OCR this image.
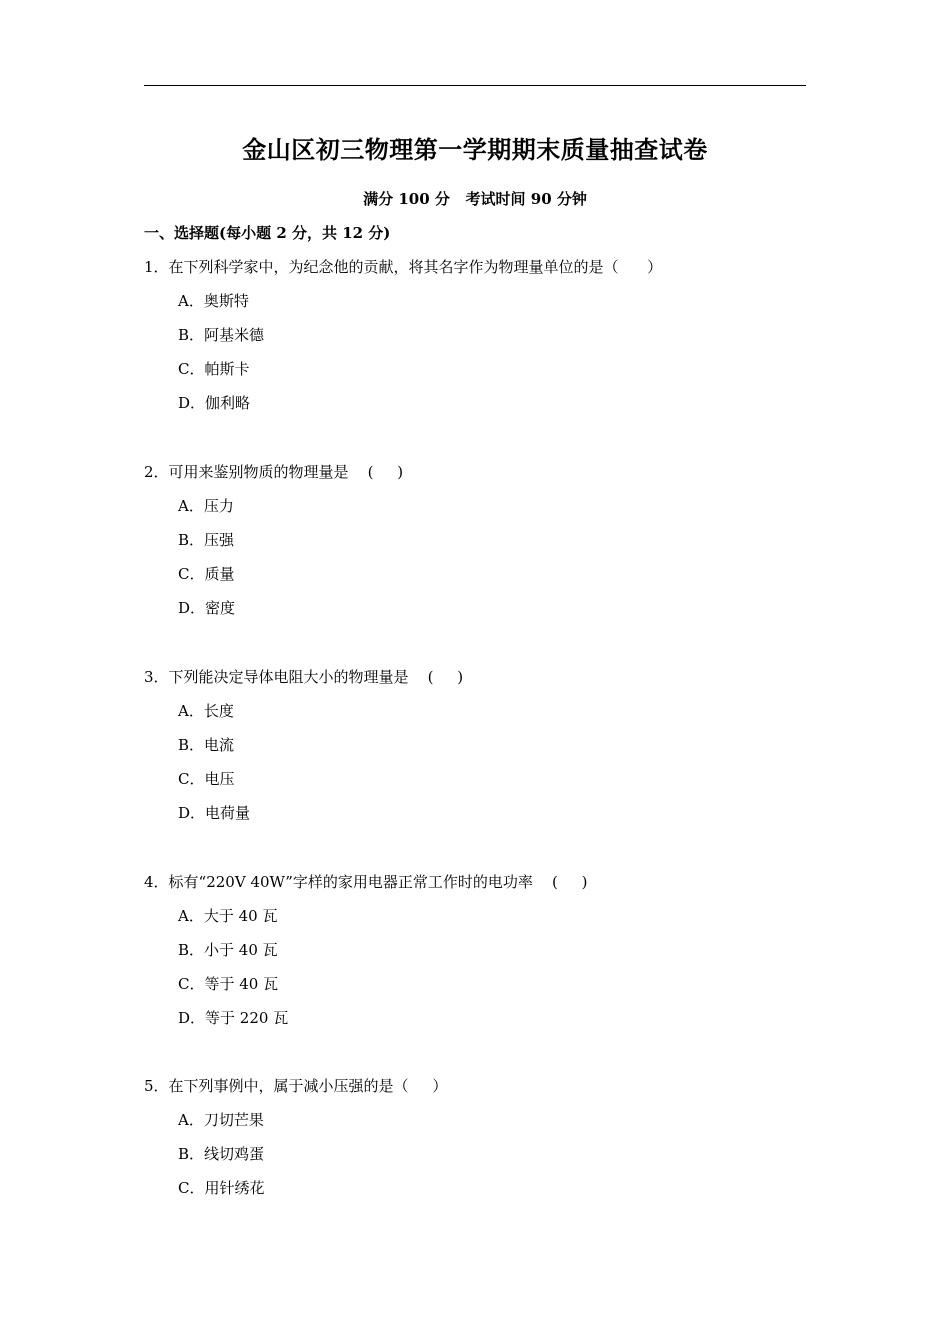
金山区初三物理第一学期期末质量抽查试卷
满分 100 分   考试时间 90 分钟
一、选择题(每小题 2 分，共 12 分)
1．在下列科学家中，为纪念他的贡献，将其名字作为物理量单位的是（      ）
A．奥斯特
B．阿基米德
C．帕斯卡
D．伽利略
2．可用来鉴别物质的物理量是    (     )
A．压力
B．压强
C．质量
D．密度
3．下列能决定导体电阻大小的物理量是    (     )
A．长度
B．电流
C．电压
D．电荷量
4．标有“220V 40W”字样的家用电器正常工作时的电功率    (     )
A．大于 40 瓦
B．小于 40 瓦
C．等于 40 瓦
D．等于 220 瓦
5．在下列事例中，属于减小压强的是（     ）
A．刀切芒果
B．线切鸡蛋
C．用针绣花
